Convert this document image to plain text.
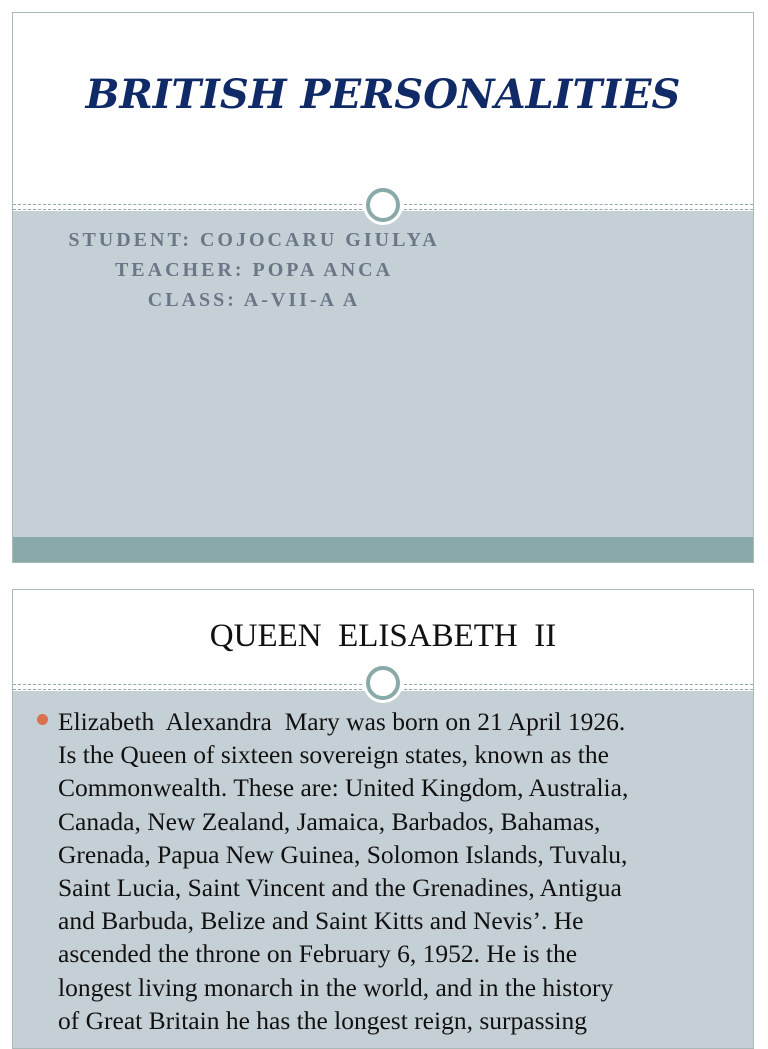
BRITISH PERSONALITIES
STUDENT: COJOCARU GIULYA
TEACHER: POPA ANCA
CLASS: A-VII-A A
QUEEN  ELISABETH  II
Elizabeth  Alexandra  Mary was born on 21 April 1926.
Is the Queen of sixteen sovereign states, known as the
Commonwealth. These are: United Kingdom, Australia,
Canada, New Zealand, Jamaica, Barbados, Bahamas,
Grenada, Papua New Guinea, Solomon Islands, Tuvalu,
Saint Lucia, Saint Vincent and the Grenadines, Antigua
and Barbuda, Belize and Saint Kitts and Nevis’. He
ascended the throne on February 6, 1952. He is the
longest living monarch in the world, and in the history
of Great Britain he has the longest reign, surpassing
